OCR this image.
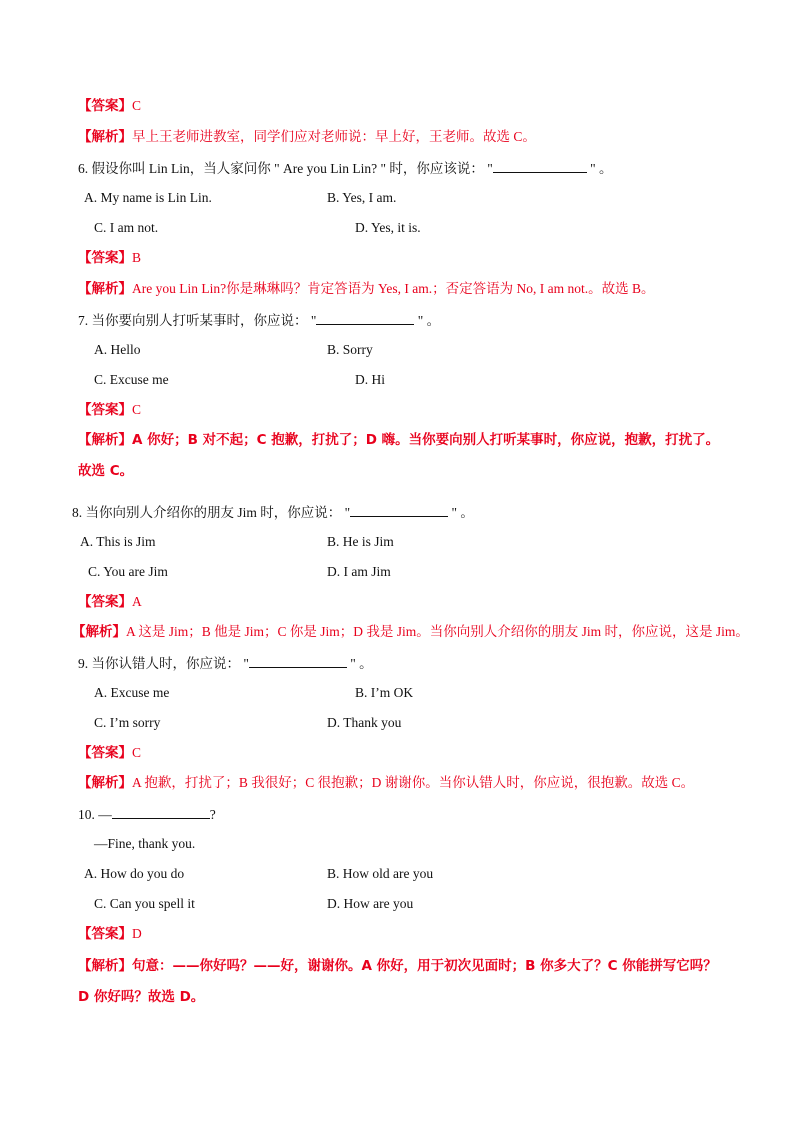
【答案】C
【解析】早上王老师进教室，同学们应对老师说：早上好，王老师。故选 C。
6. 假设你叫 Lin Lin，当人家问你 " Are you Lin Lin? " 时，你应该说： "	" 。
A. My name is Lin Lin.	B. Yes, I am.
C. I am not.	D. Yes, it is.
【答案】B
【解析】Are you Lin Lin?你是琳琳吗？肯定答语为 Yes, I am.；否定答语为 No, I am not.。故选 B。
7. 当你要向别人打听某事时，你应说： "	" 。
A. Hello	B. Sorry
C. Excuse me	D. Hi
【答案】C
【解析】A 你好；B 对不起；C 抱歉，打扰了；D 嗨。当你要向别人打听某事时，你应说，抱歉，打扰了。
故选 C。
8. 当你向别人介绍你的朋友 Jim 时，你应说： "	" 。
A. This is Jim	B. He is Jim
C. You are Jim	D. I am Jim
【答案】A
【解析】A 这是 Jim；B 他是 Jim；C 你是 Jim；D 我是 Jim。当你向别人介绍你的朋友 Jim 时，你应说，这是 Jim。
9. 当你认错人时，你应说： "	" 。
A. Excuse me	B. I’m OK
C. I’m sorry	D. Thank you
【答案】C
【解析】A 抱歉，打扰了；B 我很好；C 很抱歉；D 谢谢你。当你认错人时，你应说，很抱歉。故选 C。
10. —	?
—Fine, thank you.
A. How do you do	B. How old are you
C. Can you spell it	D. How are you
【答案】D
【解析】句意：——你好吗？——好，谢谢你。A 你好，用于初次见面时；B 你多大了？C 你能拼写它吗？
D 你好吗？故选 D。
